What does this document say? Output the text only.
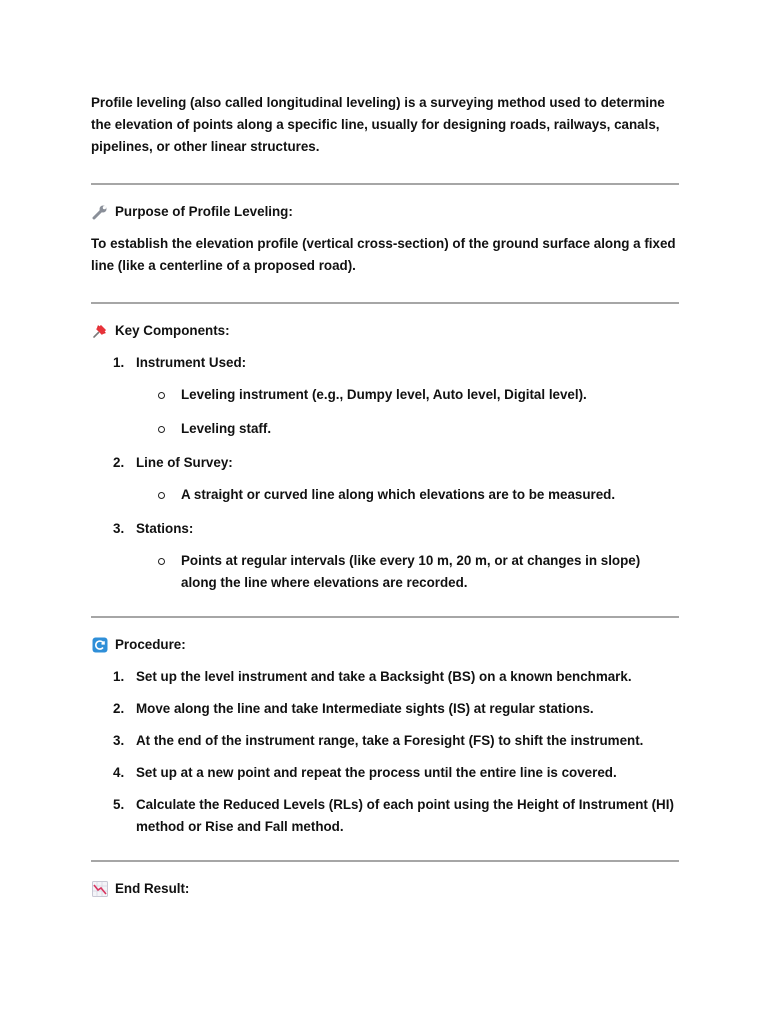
Profile leveling (also called longitudinal leveling) is a surveying method used to determine the elevation of points along a specific line, usually for designing roads, railways, canals, pipelines, or other linear structures.

Purpose of Profile Leveling:

To establish the elevation profile (vertical cross-section) of the ground surface along a fixed line (like a centerline of a proposed road).

Key Components:
1. Instrument Used:
Leveling instrument (e.g., Dumpy level, Auto level, Digital level).
Leveling staff.
2. Line of Survey:
A straight or curved line along which elevations are to be measured.
3. Stations:
Points at regular intervals (like every 10 m, 20 m, or at changes in slope) along the line where elevations are recorded.
Procedure:
1. Set up the level instrument and take a Backsight (BS) on a known benchmark.
2. Move along the line and take Intermediate sights (IS) at regular stations.
3. At the end of the instrument range, take a Foresight (FS) to shift the instrument.
4. Set up at a new point and repeat the process until the entire line is covered.
5. Calculate the Reduced Levels (RLs) of each point using the Height of Instrument (HI) method or Rise and Fall method.
End Result:
